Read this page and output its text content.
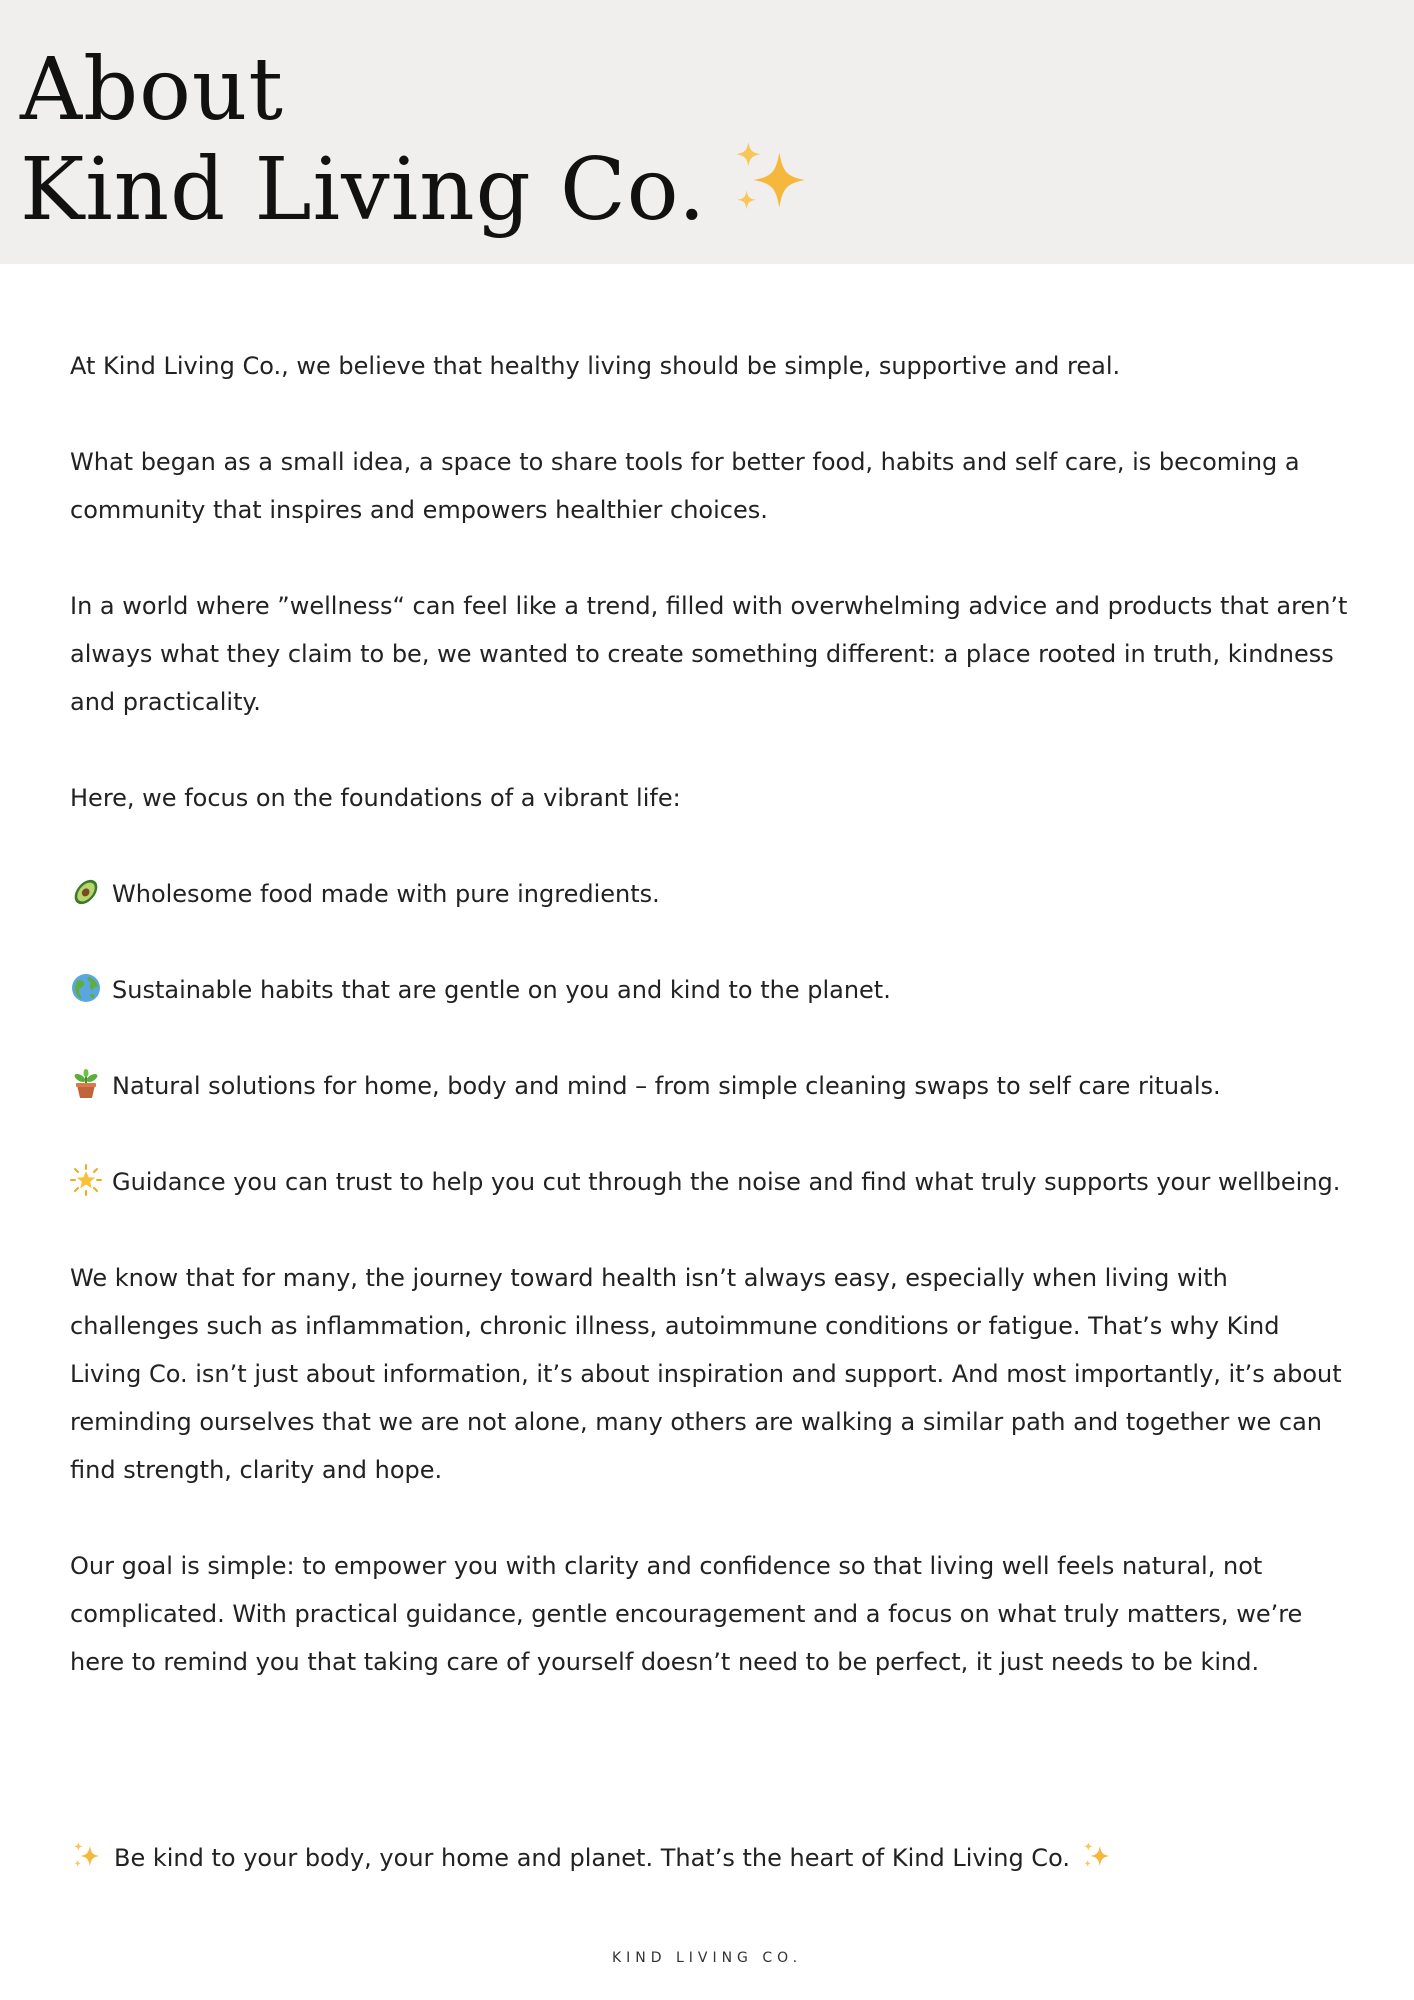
About
Kind Living Co.

At Kind Living Co., we believe that healthy living should be simple, supportive and real.

What began as a small idea, a space to share tools for better food, habits and self care, is becoming a community that inspires and empowers healthier choices.

In a world where ”wellness“ can feel like a trend, filled with overwhelming advice and products that aren’t always what they claim to be, we wanted to create something different: a place rooted in truth, kindness and practicality.

Here, we focus on the foundations of a vibrant life:

Wholesome food made with pure ingredients.

Sustainable habits that are gentle on you and kind to the planet.

Natural solutions for home, body and mind – from simple cleaning swaps to self care rituals.

Guidance you can trust to help you cut through the noise and find what truly supports your wellbeing.

We know that for many, the journey toward health isn’t always easy, especially when living with challenges such as inflammation, chronic illness, autoimmune conditions or fatigue. That’s why Kind Living Co. isn’t just about information, it’s about inspiration and support. And most importantly, it’s about reminding ourselves that we are not alone, many others are walking a similar path and together we can find strength, clarity and hope.

Our goal is simple: to empower you with clarity and confidence so that living well feels natural, not complicated. With practical guidance, gentle encouragement and a focus on what truly matters, we’re here to remind you that taking care of yourself doesn’t need to be perfect, it just needs to be kind.

Be kind to your body, your home and planet. That’s the heart of Kind Living Co.
KIND LIVING CO.
